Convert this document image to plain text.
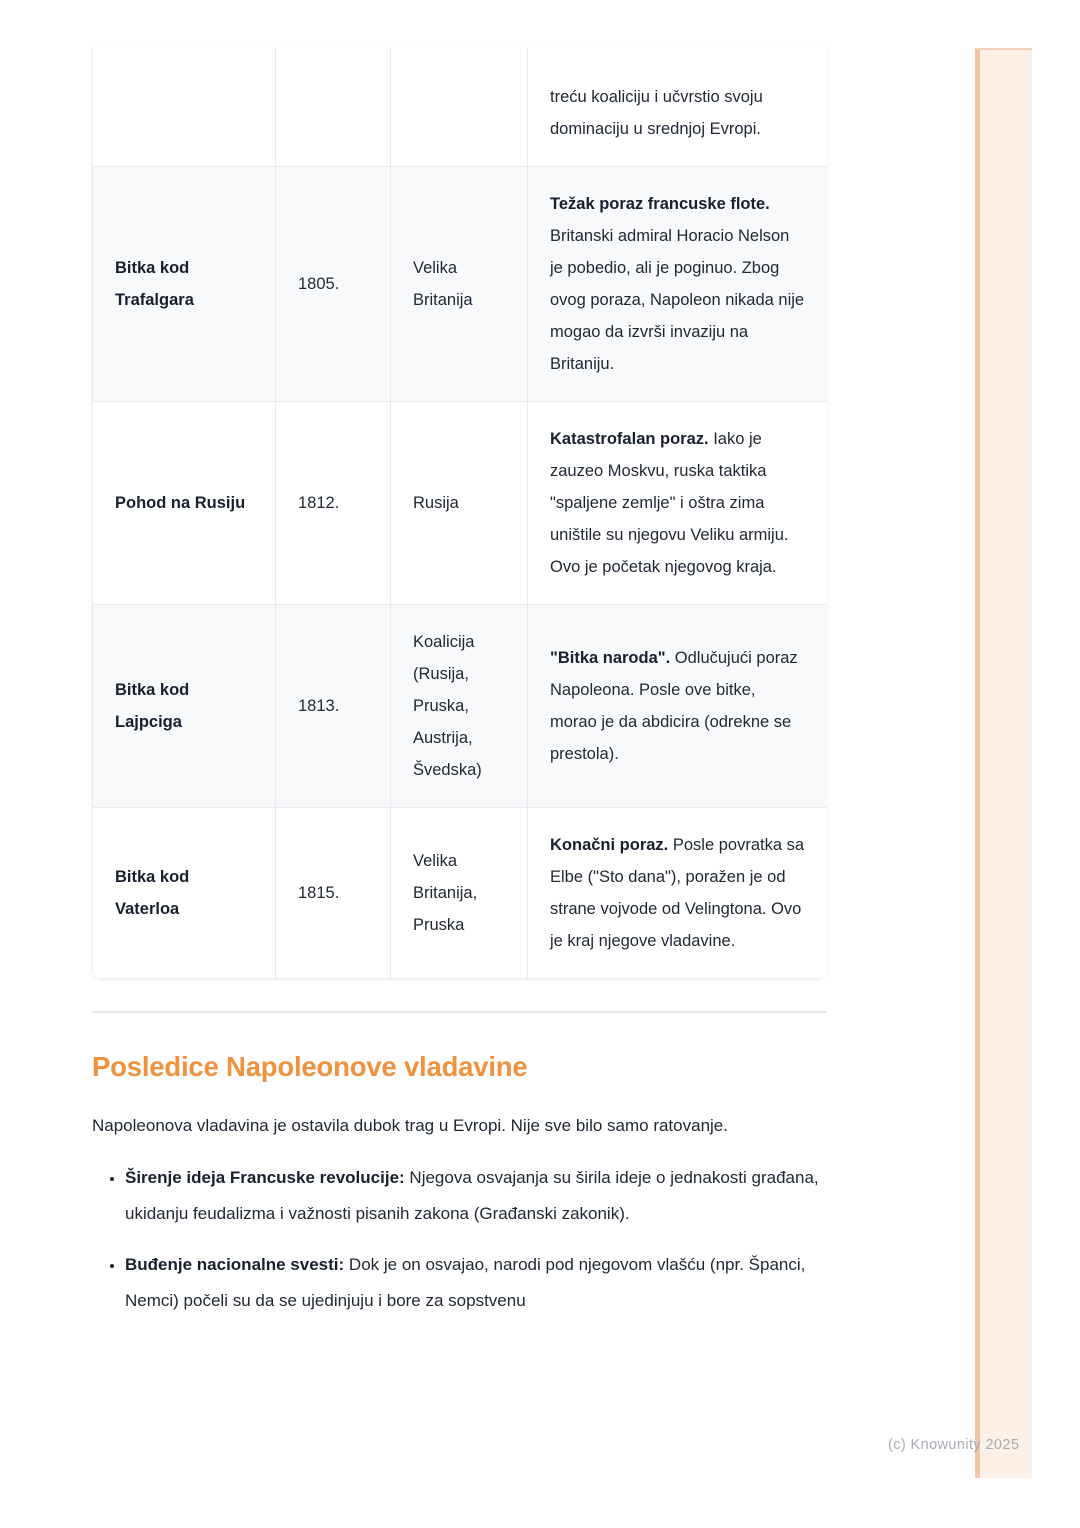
(c) Knowunity 2025
			treću koaliciju i učvrstio svoju dominaciju u srednjoj Evropi.
Bitka kod Trafalgara	1805.	Velika Britanija	Težak poraz francuske flote. Britanski admiral Horacio Nelson je pobedio, ali je poginuo. Zbog ovog poraza, Napoleon nikada nije mogao da izvrši invaziju na Britaniju.
Pohod na Rusiju	1812.	Rusija	Katastrofalan poraz. Iako je zauzeo Moskvu, ruska taktika "spaljene zemlje" i oštra zima uništile su njegovu Veliku armiju. Ovo je početak njegovog kraja.
Bitka kod Lajpciga	1813.	Koalicija (Rusija, Pruska, Austrija, Švedska)	"Bitka naroda". Odlučujući poraz Napoleona. Posle ove bitke, morao je da abdicira (odrekne se prestola).
Bitka kod Vaterloa	1815.	Velika Britanija, Pruska	Konačni poraz. Posle povratka sa Elbe ("Sto dana"), poražen je od strane vojvode od Velingtona. Ovo je kraj njegove vladavine.
Posledice Napoleonove vladavine

Napoleonova vladavina je ostavila dubok trag u Evropi. Nije sve bilo samo ratovanje.

• Širenje ideja Francuske revolucije: Njegova osvajanja su širila ideje o jednakosti građana, ukidanju feudalizma i važnosti pisanih zakona (Građanski zakonik).
• Buđenje nacionalne svesti: Dok je on osvajao, narodi pod njegovom vlašću (npr. Španci, Nemci) počeli su da se ujedinjuju i bore za sopstvenu
